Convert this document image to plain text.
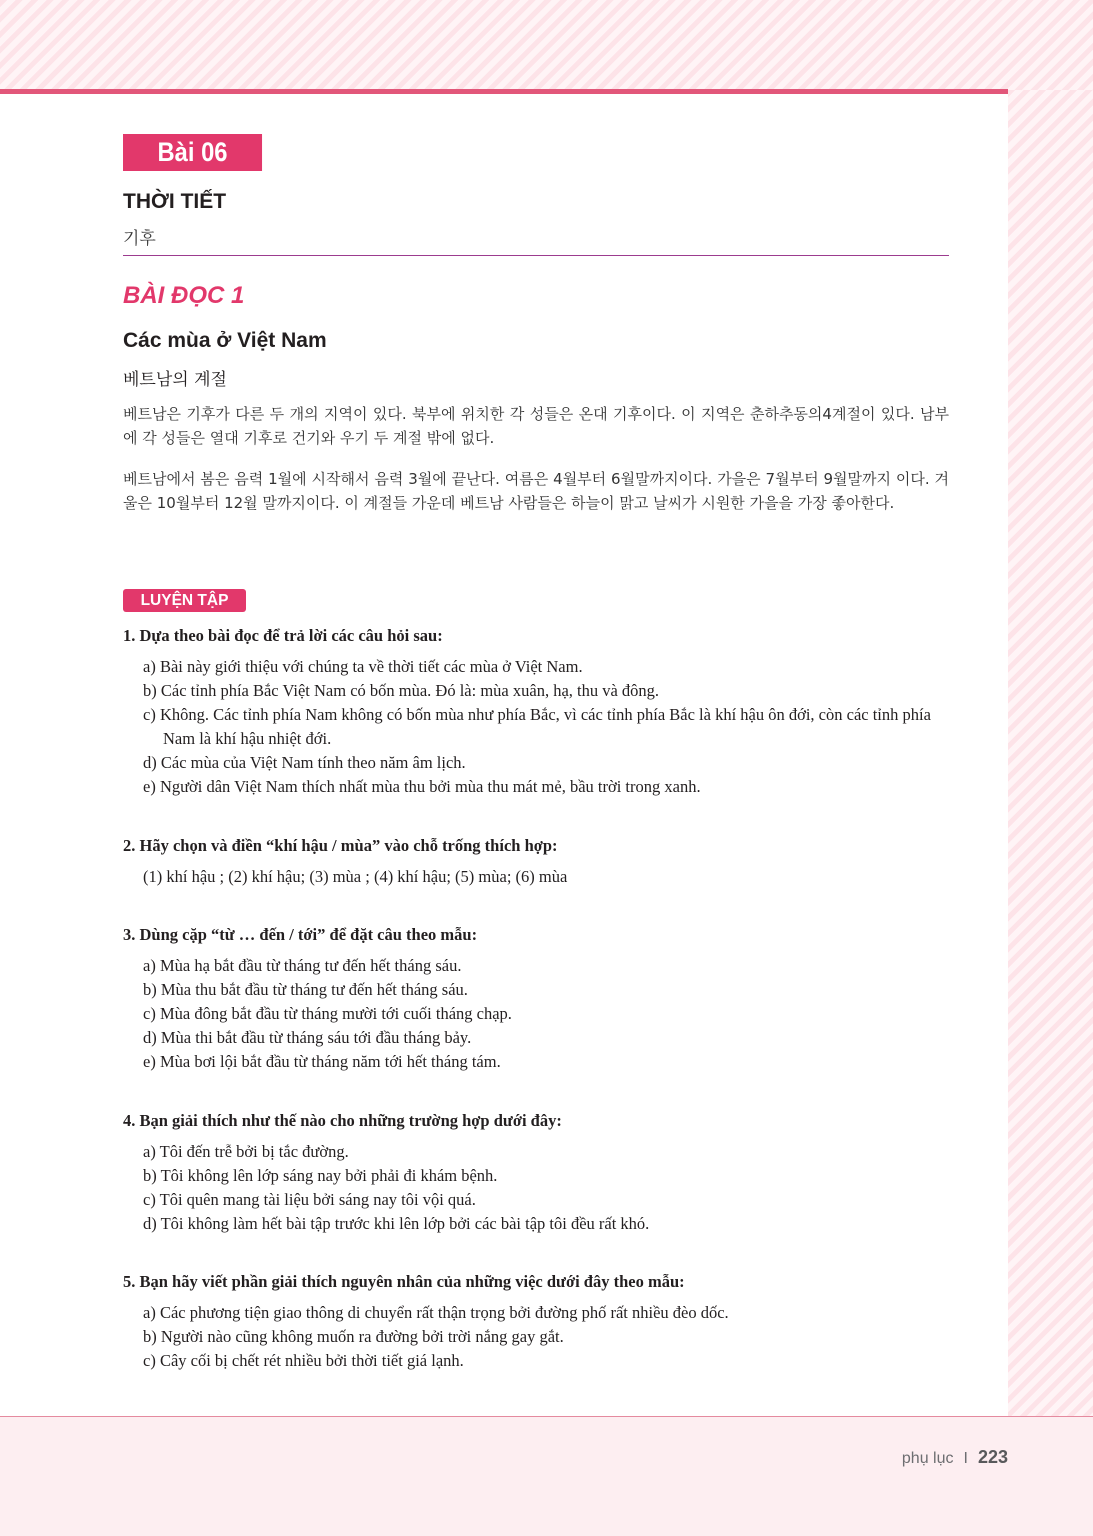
Bài 06
THỜI TIẾT
기후
BÀI ĐỌC 1
Các mùa ở Việt Nam
베트남의 계절
베트남은 기후가 다른 두 개의 지역이 있다. 북부에 위치한 각 성들은 온대 기후이다. 이 지역은 춘하추동의4계절이 있다. 남부에 각 성들은 열대 기후로 건기와 우기 두 계절 밖에 없다.
베트남에서 봄은 음력 1월에 시작해서 음력 3월에 끝난다. 여름은 4월부터 6월말까지이다. 가을은 7월부터 9월말까지 이다. 겨울은 10월부터 12월 말까지이다. 이 계절들 가운데 베트남 사람들은 하늘이 맑고 날씨가 시원한 가을을 가장 좋아한다.
LUYỆN TẬP
1. Dựa theo bài đọc để trả lời các câu hỏi sau:
a) Bài này giới thiệu với chúng ta về thời tiết các mùa ở Việt Nam.
b) Các tỉnh phía Bắc Việt Nam có bốn mùa. Đó là: mùa xuân, hạ, thu và đông.
c) Không. Các tỉnh phía Nam không có bốn mùa như phía Bắc, vì các tỉnh phía Bắc là khí hậu ôn đới, còn các tỉnh phía Nam là khí hậu nhiệt đới.
d) Các mùa của Việt Nam tính theo năm âm lịch.
e) Người dân Việt Nam thích nhất mùa thu bởi mùa thu mát mẻ, bầu trời trong xanh.
2. Hãy chọn và điền “khí hậu / mùa” vào chỗ trống thích hợp:
(1) khí hậu ; (2) khí hậu; (3) mùa ; (4) khí hậu; (5) mùa; (6) mùa
3. Dùng cặp “từ … đến / tới” để đặt câu theo mẫu:
a) Mùa hạ bắt đầu từ tháng tư đến hết tháng sáu.
b) Mùa thu bắt đầu từ tháng tư đến hết tháng sáu.
c) Mùa đông bắt đầu từ tháng mười tới cuối tháng chạp.
d) Mùa thi bắt đầu từ tháng sáu tới đầu tháng bảy.
e) Mùa bơi lội bắt đầu từ tháng năm tới hết tháng tám.
4. Bạn giải thích như thế nào cho những trường hợp dưới đây:
a) Tôi đến trễ bởi bị tắc đường.
b) Tôi không lên lớp sáng nay bởi phải đi khám bệnh.
c) Tôi quên mang tài liệu bởi sáng nay tôi vội quá.
d) Tôi không làm hết bài tập trước khi lên lớp bởi các bài tập tôi đều rất khó.
5. Bạn hãy viết phần giải thích nguyên nhân của những việc dưới đây theo mẫu:
a) Các phương tiện giao thông di chuyển rất thận trọng bởi đường phố rất nhiều đèo dốc.
b) Người nào cũng không muốn ra đường bởi trời nắng gay gắt.
c) Cây cối bị chết rét nhiều bởi thời tiết giá lạnh.
phụ lục I 223
